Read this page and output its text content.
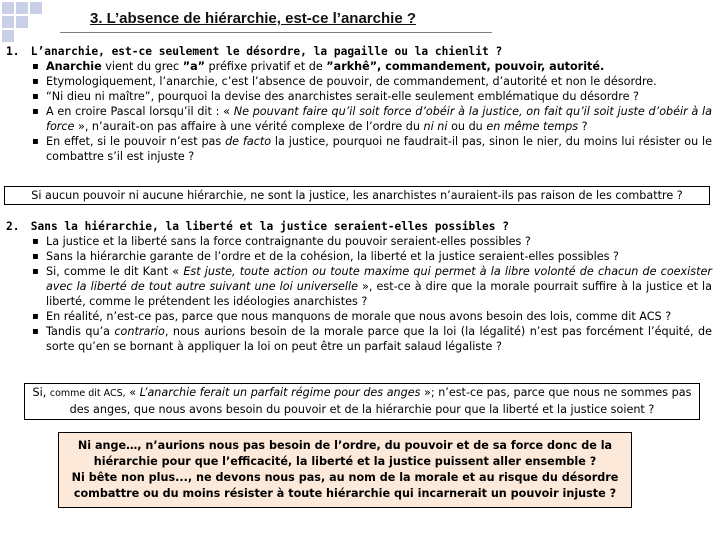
3. L’absence de hiérarchie, est-ce l’anarchie ?
1. L’anarchie, est-ce seulement le désordre, la pagaille ou la chienlit ?
▪ Anarchie vient du grec ”a” préfixe privatif et de ”arkhê”, commandement, pouvoir, autorité.
▪ Etymologiquement, l’anarchie, c’est l’absence de pouvoir, de commandement, d’autorité et non le désordre.
▪ “Ni dieu ni maître”, pourquoi la devise des anarchistes serait-elle seulement emblématique du désordre ?
▪ A en croire Pascal lorsqu’il dit : « Ne pouvant faire qu’il soit force d’obéir à la justice, on fait qu’il soit juste d’obéir à la force », n’aurait-on pas affaire à une vérité complexe de l’ordre du ni ni ou du en même temps ?
▪ En effet, si le pouvoir n’est pas de facto la justice, pourquoi ne faudrait-il pas, sinon le nier, du moins lui résister ou le combattre s’il est injuste ?
Si aucun pouvoir ni aucune hiérarchie, ne sont la justice, les anarchistes n’auraient-ils pas raison de les combattre ?
2. Sans la hiérarchie, la liberté et la justice seraient-elles possibles ?
▪ La justice et la liberté sans la force contraignante du pouvoir seraient-elles possibles ?
▪ Sans la hiérarchie garante de l’ordre et de la cohésion, la liberté et la justice seraient-elles possibles ?
▪ Si, comme le dit Kant « Est juste, toute action ou toute maxime qui permet à la libre volonté de chacun de coexister avec la liberté de tout autre suivant une loi universelle », est-ce à dire que la morale pourrait suffire à la justice et la liberté, comme le prétendent les idéologies anarchistes ?
▪ En réalité, n’est-ce pas, parce que nous manquons de morale que nous avons besoin des lois, comme dit ACS ?
▪ Tandis qu’a contrario, nous aurions besoin de la morale parce que la loi (la légalité) n’est pas forcément l’équité, de sorte qu’en se bornant à appliquer la loi on peut être un parfait salaud légaliste ?
Si, comme dit ACS, « L’anarchie ferait un parfait régime pour des anges »; n’est-ce pas, parce que nous ne sommes pas des anges, que nous avons besoin du pouvoir et de la hiérarchie pour que la liberté et la justice soient ?
Ni ange…, n’aurions nous pas besoin de l’ordre, du pouvoir et de sa force donc de la hiérarchie pour que l’efficacité, la liberté et la justice puissent aller ensemble ?
Ni bête non plus..., ne devons nous pas, au nom de la morale et au risque du désordre combattre ou du moins résister à toute hiérarchie qui incarnerait un pouvoir injuste ?
